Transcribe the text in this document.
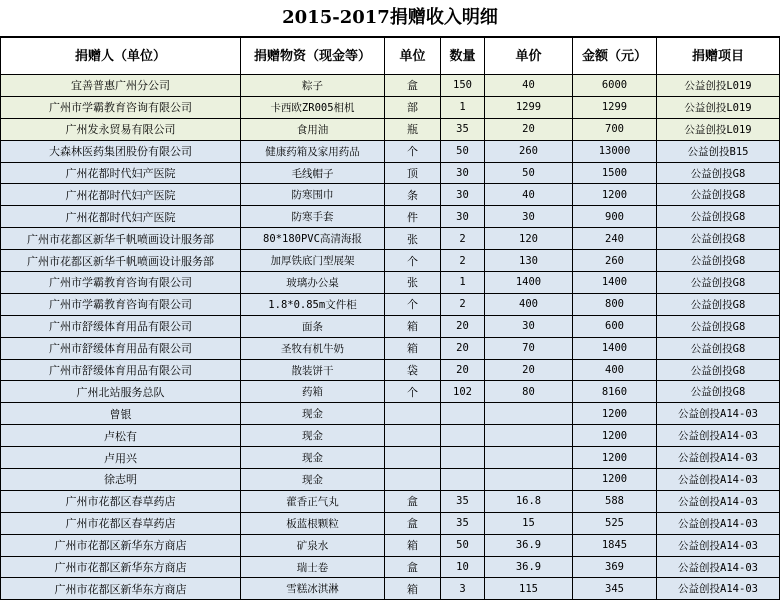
2015-2017捐赠收入明细
捐赠人（单位）	捐赠物资（现金等）	单位	数量	单价	金额（元）	捐赠项目
宜善普惠广州分公司	粽子	盒	150	40	6000	公益创投L019
广州市学霸教育咨询有限公司	卡西欧ZR005相机	部	1	1299	1299	公益创投L019
广州发永贸易有限公司	食用油	瓶	35	20	700	公益创投L019
大森林医药集团股份有限公司	健康药箱及家用药品	个	50	260	13000	公益创投B15
广州花都时代妇产医院	毛线帽子	顶	30	50	1500	公益创投G8
广州花都时代妇产医院	防寒围巾	条	30	40	1200	公益创投G8
广州花都时代妇产医院	防寒手套	件	30	30	900	公益创投G8
广州市花都区新华千帆喷画设计服务部	80*180PVC高清海报	张	2	120	240	公益创投G8
广州市花都区新华千帆喷画设计服务部	加厚铁底门型展架	个	2	130	260	公益创投G8
广州市学霸教育咨询有限公司	玻璃办公桌	张	1	1400	1400	公益创投G8
广州市学霸教育咨询有限公司	1.8*0.85m文件柜	个	2	400	800	公益创投G8
广州市舒缓体育用品有限公司	面条	箱	20	30	600	公益创投G8
广州市舒缓体育用品有限公司	圣牧有机牛奶	箱	20	70	1400	公益创投G8
广州市舒缓体育用品有限公司	散装饼干	袋	20	20	400	公益创投G8
广州北站服务总队	药箱	个	102	80	8160	公益创投G8
曾银	现金				1200	公益创投A14-03
卢松有	现金				1200	公益创投A14-03
卢用兴	现金				1200	公益创投A14-03
徐志明	现金				1200	公益创投A14-03
广州市花都区春草药店	藿香正气丸	盒	35	16.8	588	公益创投A14-03
广州市花都区春草药店	板蓝根颗粒	盒	35	15	525	公益创投A14-03
广州市花都区新华东方商店	矿泉水	箱	50	36.9	1845	公益创投A14-03
广州市花都区新华东方商店	瑞士卷	盒	10	36.9	369	公益创投A14-03
广州市花都区新华东方商店	雪糕冰淇淋	箱	3	115	345	公益创投A14-03
